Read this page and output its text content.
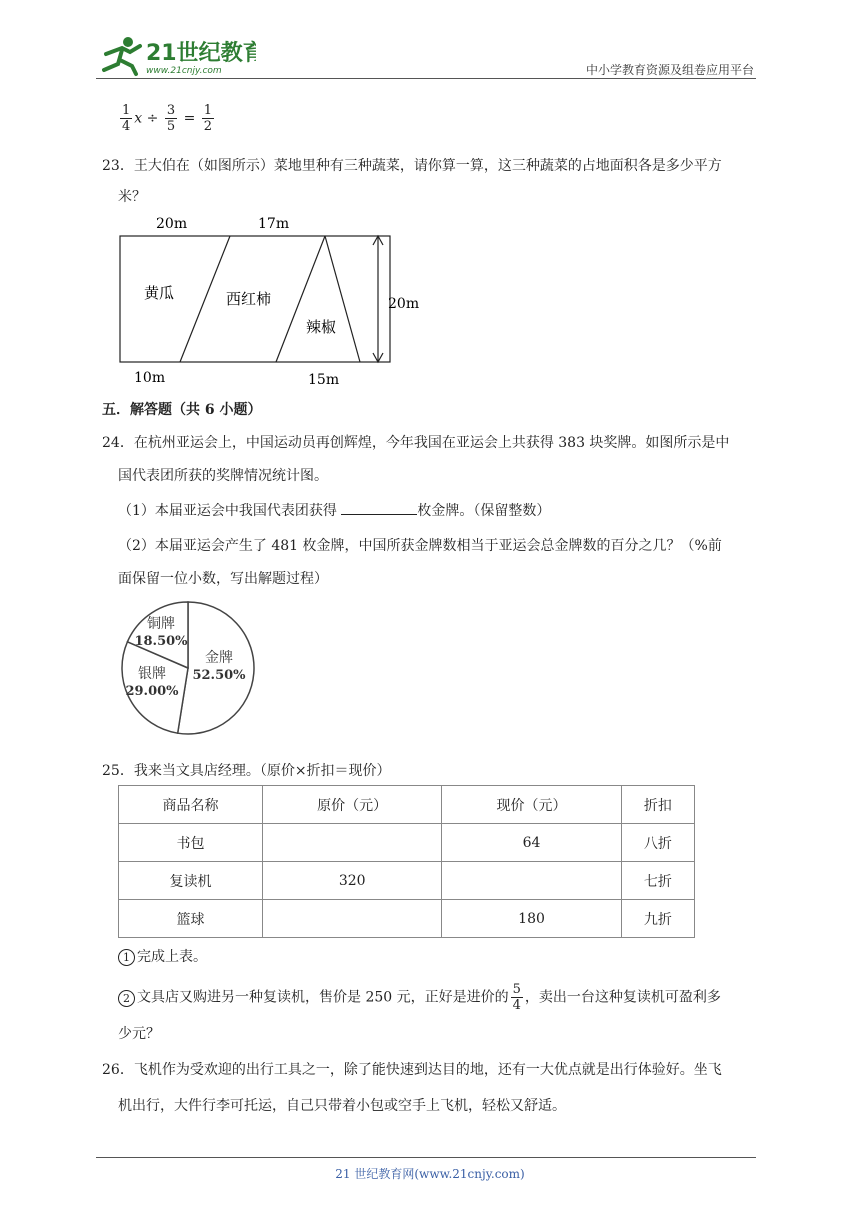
21世纪教育
www.21cnjy.com	中小学教育资源及组卷应用平台
$\frac{1}{4}$ $x \div \frac{3}{5} = \frac{1}{2}$
23．王大伯在（如图所示）菜地里种有三种蔬菜，请你算一算，这三种蔬菜的占地面积各是多少平方
米？
20m	17m
20m
10m	15m
黄瓜	西红柿
辣椒
五．解答题（共 6 小题）
24．在杭州亚运会上，中国运动员再创辉煌，今年我国在亚运会上共获得 383 块奖牌。如图所示是中
国代表团所获的奖牌情况统计图。
（1）本届亚运会中我国代表团获得	枚金牌。（保留整数）
（2）本届亚运会产生了 481 枚金牌，中国所获金牌数相当于亚运会总金牌数的百分之几？（%前
面保留一位小数，写出解题过程）
金牌
52.50%
银牌
29.00%
铜牌
18.50%
25．我来当文具店经理。（原价×折扣＝现价）
商品名称	原价（元）	现价（元）	折扣
书包		64	八折
复读机	320		七折
篮球		180	九折
1 完成上表。
2 文具店又购进另一种复读机，售价是 250 元，正好是进价的 $\frac{5}{4}$ ，卖出一台这种复读机可盈利多
少元？
26．飞机作为受欢迎的出行工具之一，除了能快速到达目的地，还有一大优点就是出行体验好。坐飞
机出行，大件行李可托运，自己只带着小包或空手上飞机，轻松又舒适。
21 世纪教育网(www.21cnjy.com)
